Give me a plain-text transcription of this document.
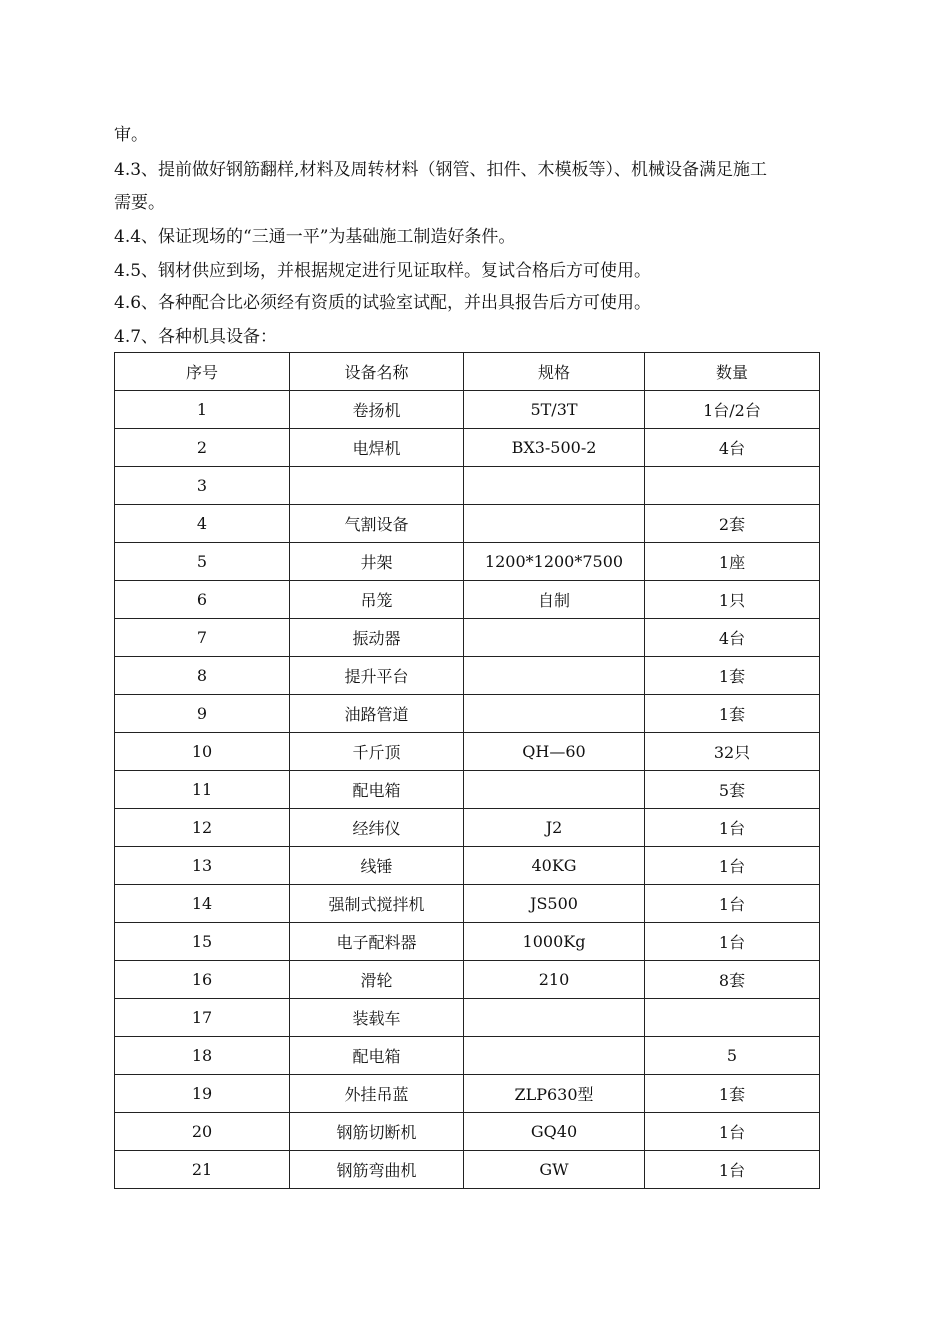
审。
4.3、提前做好钢筋翻样,材料及周转材料（钢管、扣件、木模板等）、机械设备满足施工
需要。
4.4、保证现场的“三通一平”为基础施工制造好条件。
4.5、钢材供应到场，并根据规定进行见证取样。复试合格后方可使用。
4.6、各种配合比必须经有资质的试验室试配，并出具报告后方可使用。
4.7、各种机具设备：
序号	设备名称	规格	数量
1	卷扬机	5T/3T	1台/2台
2	电焊机	BX3-500-2	4台
3			
4	气割设备		2套
5	井架	1200*1200*7500	1座
6	吊笼	自制	1只
7	振动器		4台
8	提升平台		1套
9	油路管道		1套
10	千斤顶	QH—60	32只
11	配电箱		5套
12	经纬仪	J2	1台
13	线锤	40KG	1台
14	强制式搅拌机	JS500	1台
15	电子配料器	1000Kg	1台
16	滑轮	210	8套
17	装载车		
18	配电箱		5
19	外挂吊蓝	ZLP630型	1套
20	钢筋切断机	GQ40	1台
21	钢筋弯曲机	GW	1台
